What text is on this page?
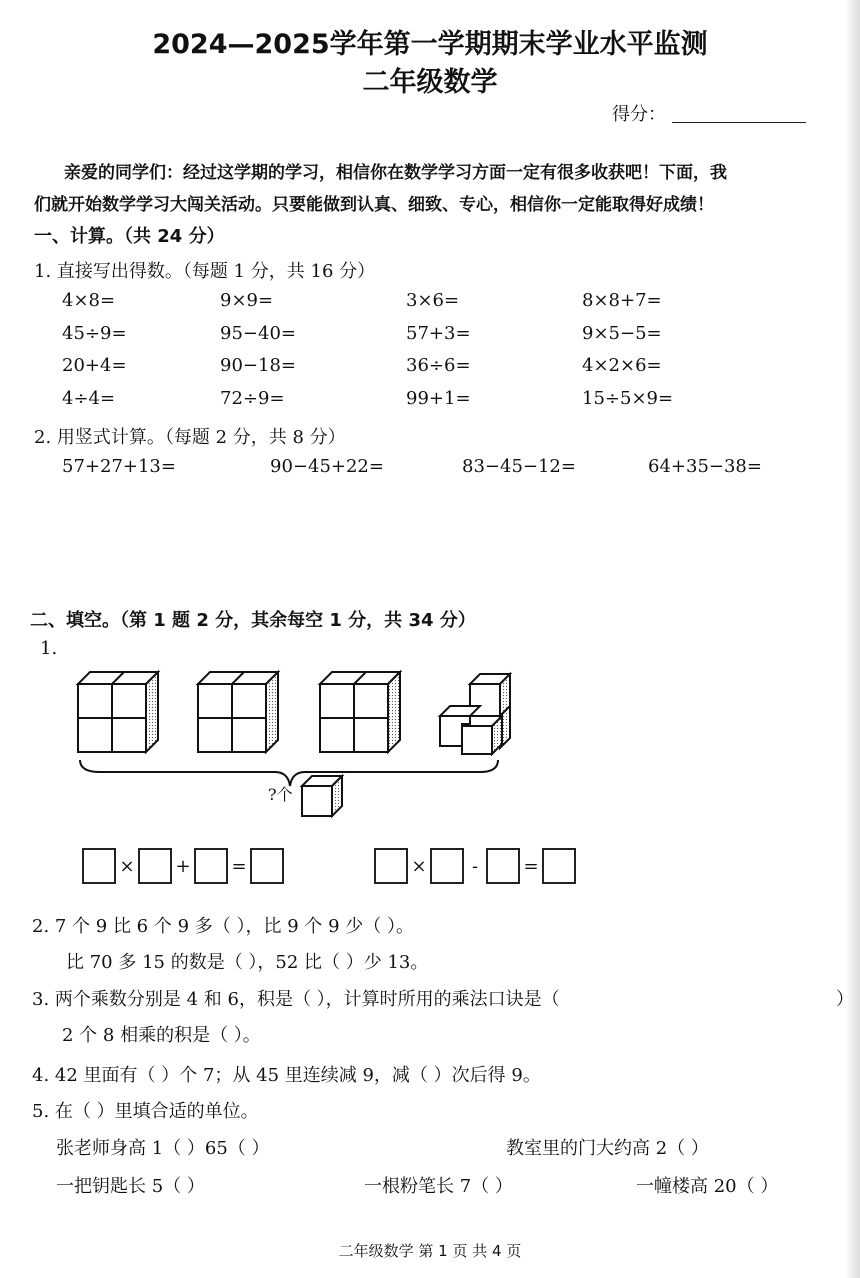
2024—2025学年第一学期期末学业水平监测
二年级数学
得分：
亲爱的同学们：经过这学期的学习，相信你在数学学习方面一定有很多收获吧！下面，我
们就开始数学学习大闯关活动。只要能做到认真、细致、专心，相信你一定能取得好成绩！
一、计算。（共 24 分）
1. 直接写出得数。（每题 1 分，共 16 分）
4×8=	9×9=	3×6=	8×8+7=
45÷9=	95−40=	57+3=	9×5−5=
20+4=	90−18=	36÷6=	4×2×6=
4÷4=	72÷9=	99+1=	15÷5×9=
2. 用竖式计算。（每题 2 分，共 8 分）
57+27+13=	90−45+22=	83−45−12=	64+35−38=
二、填空。（第 1 题 2 分，其余每空 1 分，共 34 分）
1.
?个
× + =	×	-	=
2. 7 个 9 比 6 个 9 多（ ），比 9 个 9 少（ ）。
比 70 多 15 的数是（ ），52 比（ ）少 13。
3. 两个乘数分别是 4 和 6，积是（ ），计算时所用的乘法口诀是（	）
2 个 8 相乘的积是（ ）。
4. 42 里面有（ ）个 7；从 45 里连续减 9，减（ ）次后得 9。
5. 在（ ）里填合适的单位。
张老师身高 1（ ）65（ ）	教室里的门大约高 2（ ）
一把钥匙长 5（ ）	一根粉笔长 7（ ）	一幢楼高 20（ ）
二年级数学 第 1 页 共 4 页
